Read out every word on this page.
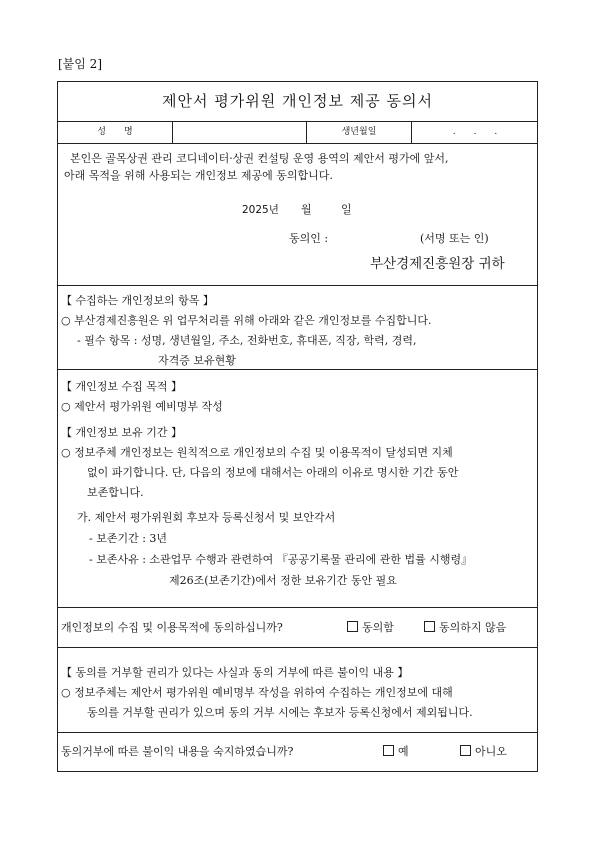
[붙임 2]
제안서 평가위원 개인정보 제공 동의서
성　　명	생년월일	.　　.　　.
본인은 골목상권 관리 코디네이터·상권 컨설팅 운영 용역의 제안서 평가에 앞서,
아래 목적을 위해 사용되는 개인정보 제공에 동의합니다.
2025년 월	일
동의인 :	(서명 또는 인)
부산경제진흥원장 귀하
【 수집하는 개인정보의 항목 】
○ 부산경제진흥원은 위 업무처리를 위해 아래와 같은 개인정보를 수집합니다.
- 필수 항목 : 성명, 생년월일, 주소, 전화번호, 휴대폰, 직장, 학력, 경력,
자격증 보유현황
【 개인정보 수집 목적 】
○ 제안서 평가위원 예비명부 작성
【 개인정보 보유 기간 】
○ 정보주체 개인정보는 원칙적으로 개인정보의 수집 및 이용목적이 달성되면 지체
없이 파기합니다. 단, 다음의 정보에 대해서는 아래의 이유로 명시한 기간 동안
보존합니다.
가. 제안서 평가위원회 후보자 등록신청서 및 보안각서
- 보존기간 : 3년
- 보존사유 : 소관업무 수행과 관련하여 『공공기록물 관리에 관한 법률 시행령』
제26조(보존기간)에서 정한 보유기간 동안 필요
개인정보의 수집 및 이용목적에 동의하십니까?	동의함	동의하지 않음
【 동의를 거부할 권리가 있다는 사실과 동의 거부에 따른 불이익 내용 】
○ 정보주체는 제안서 평가위원 예비명부 작성을 위하여 수집하는 개인정보에 대해
동의를 거부할 권리가 있으며 동의 거부 시에는 후보자 등록신청에서 제외됩니다.
동의거부에 따른 불이익 내용을 숙지하였습니까?	예	아니오
